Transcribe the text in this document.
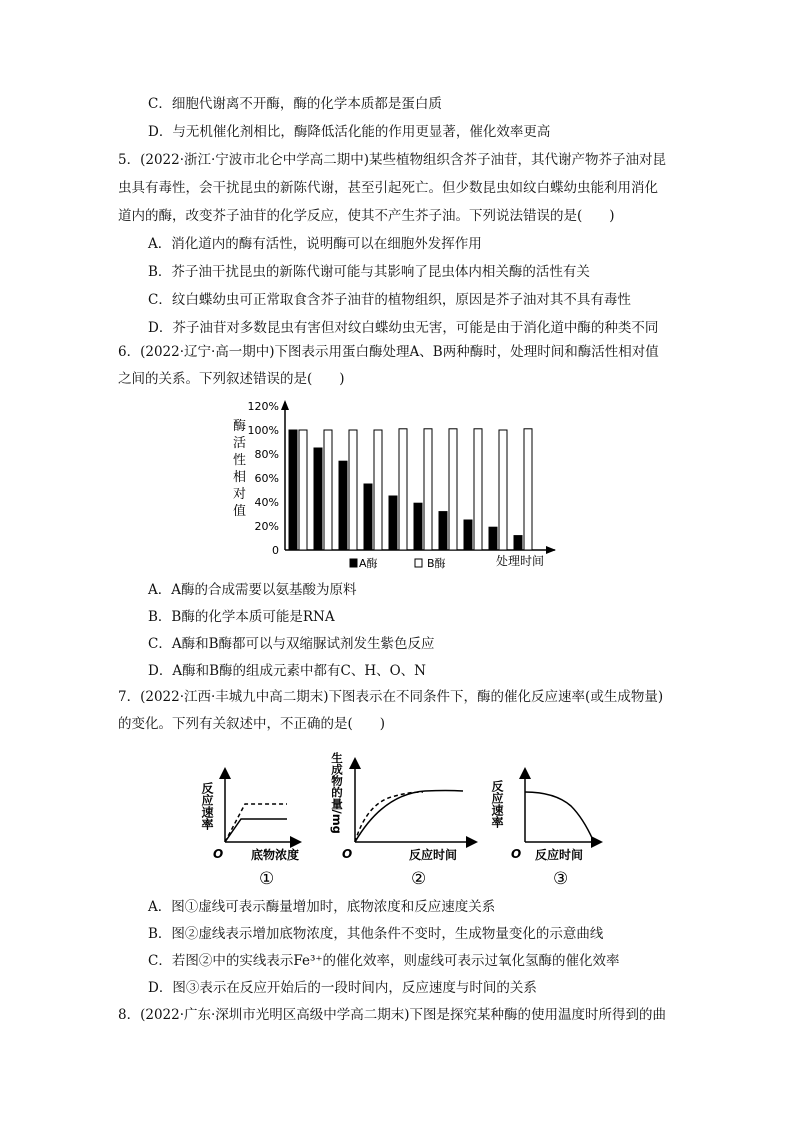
C．细胞代谢离不开酶，酶的化学本质都是蛋白质
D．与无机催化剂相比，酶降低活化能的作用更显著，催化效率更高
5．(2022·浙江·宁波市北仑中学高二期中)某些植物组织含芥子油苷，其代谢产物芥子油对昆
虫具有毒性，会干扰昆虫的新陈代谢，甚至引起死亡。但少数昆虫如纹白蝶幼虫能利用消化
道内的酶，改变芥子油苷的化学反应，使其不产生芥子油。下列说法错误的是(　　)
A．消化道内的酶有活性，说明酶可以在细胞外发挥作用
B．芥子油干扰昆虫的新陈代谢可能与其影响了昆虫体内相关酶的活性有关
C．纹白蝶幼虫可正常取食含芥子油苷的植物组织，原因是芥子油对其不具有毒性
D．芥子油苷对多数昆虫有害但对纹白蝶幼虫无害，可能是由于消化道中酶的种类不同
6．(2022·辽宁·高一期中)下图表示用蛋白酶处理A、B两种酶时，处理时间和酶活性相对值
之间的关系。下列叙述错误的是(　　)
0
20%
40%
60%
80%
100%
120%
酶
活
性
相
对
值
A酶	B酶	处理时间
A．A酶的合成需要以氨基酸为原料
B．B酶的化学本质可能是RNA
C．A酶和B酶都可以与双缩脲试剂发生紫色反应
D．A酶和B酶的组成元素中都有C、H、O、N
7．(2022·江西·丰城九中高二期末)下图表示在不同条件下，酶的催化反应速率(或生成物量)
的变化。下列有关叙述中，不正确的是(　　)
反应速率
O 底物浓度
①
生成物的量/mg
O	反应时间
②
反应速率
O 反应时间
③
A．图①虚线可表示酶量增加时，底物浓度和反应速度关系
B．图②虚线表示增加底物浓度，其他条件不变时，生成物量变化的示意曲线
C．若图②中的实线表示Fe³⁺的催化效率，则虚线可表示过氧化氢酶的催化效率
D．图③表示在反应开始后的一段时间内，反应速度与时间的关系
8．(2022·广东·深圳市光明区高级中学高二期末)下图是探究某种酶的使用温度时所得到的曲
